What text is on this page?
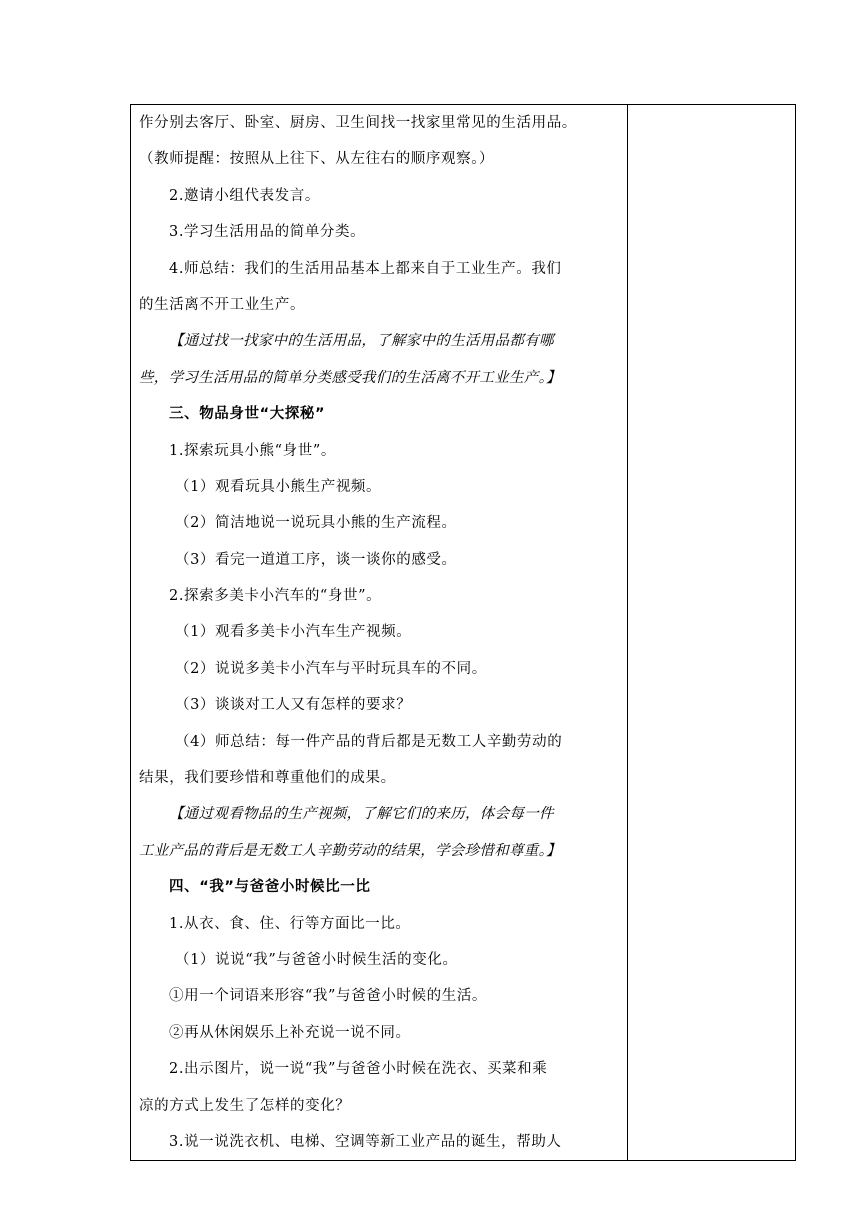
作分别去客厅、卧室、厨房、卫生间找一找家里常见的生活用品。
（教师提醒：按照从上往下、从左往右的顺序观察。）
2.邀请小组代表发言。
3.学习生活用品的简单分类。
4.师总结：我们的生活用品基本上都来自于工业生产。我们
的生活离不开工业生产。
【通过找一找家中的生活用品，了解家中的生活用品都有哪
些，学习生活用品的简单分类感受我们的生活离不开工业生产。】
三、物品身世“大探秘”
1.探索玩具小熊“身世”。
（1）观看玩具小熊生产视频。
（2）简洁地说一说玩具小熊的生产流程。
（3）看完一道道工序，谈一谈你的感受。
2.探索多美卡小汽车的“身世”。
（1）观看多美卡小汽车生产视频。
（2）说说多美卡小汽车与平时玩具车的不同。
（3）谈谈对工人又有怎样的要求？
（4）师总结：每一件产品的背后都是无数工人辛勤劳动的
结果，我们要珍惜和尊重他们的成果。
【通过观看物品的生产视频，了解它们的来历，体会每一件
工业产品的背后是无数工人辛勤劳动的结果，学会珍惜和尊重。】
四、“我”与爸爸小时候比一比
1.从衣、食、住、行等方面比一比。
（1）说说“我”与爸爸小时候生活的变化。
①用一个词语来形容“我”与爸爸小时候的生活。
②再从休闲娱乐上补充说一说不同。
2.出示图片，说一说“我”与爸爸小时候在洗衣、买菜和乘
凉的方式上发生了怎样的变化？
3.说一说洗衣机、电梯、空调等新工业产品的诞生，帮助人
